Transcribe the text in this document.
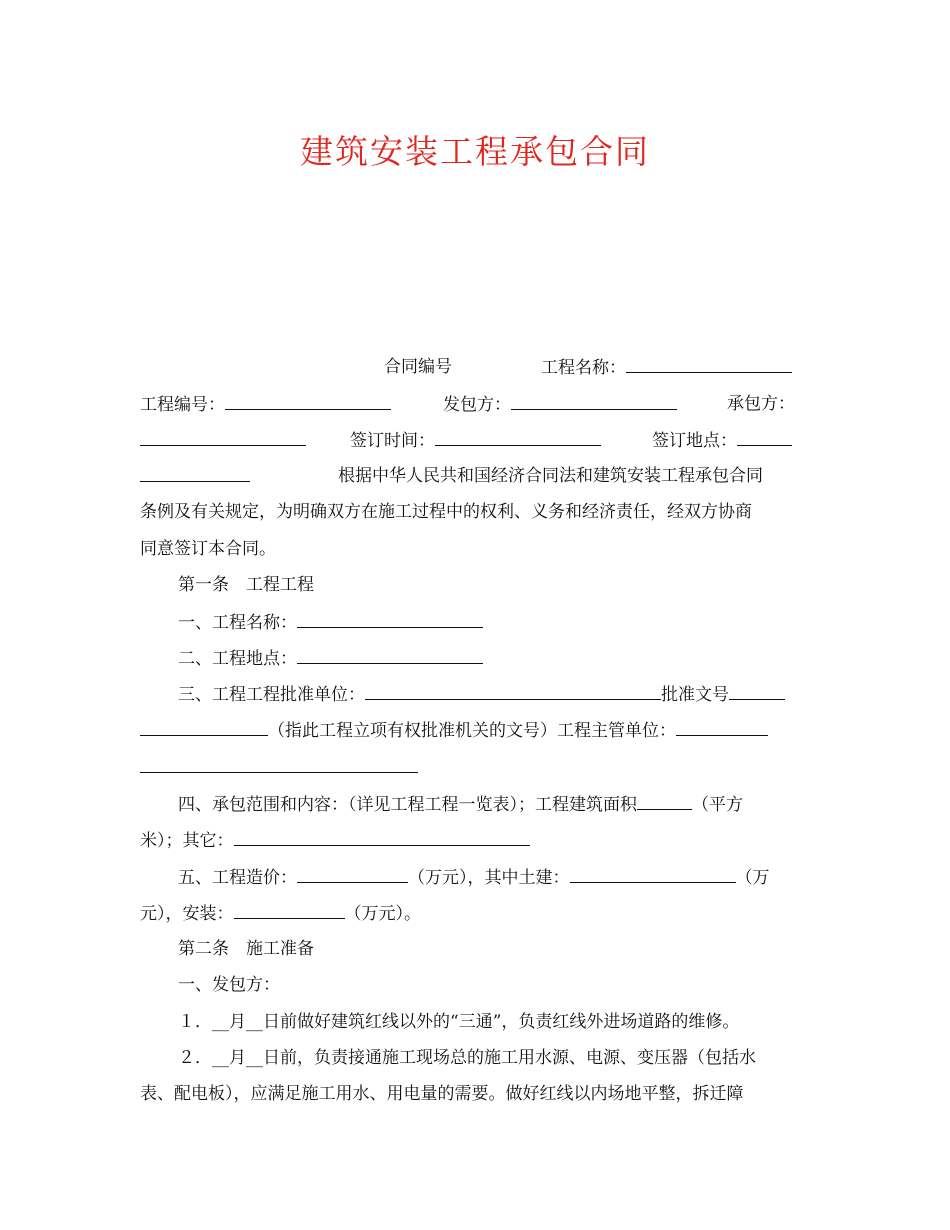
建筑安装工程承包合同
合同编号	工程名称：
工程编号：	发包方：	承包方：
签订时间：	签订地点：
根据中华人民共和国经济合同法和建筑安装工程承包合同
条例及有关规定，为明确双方在施工过程中的权利、义务和经济责任，经双方协商
同意签订本合同。
第一条　工程工程
一、工程名称：
二、工程地点：
三、工程工程批准单位：	批准文号
（指此工程立项有权批准机关的文号）工程主管单位：
四、承包范围和内容：（详见工程工程一览表）；工程建筑面积	（平方
米）；其它：
五、工程造价：	（万元），其中土建：	（万
元），安装：	（万元）。
第二条　施工准备
一、发包方：
１．__月__日前做好建筑红线以外的“三通”，负责红线外进场道路的维修。
２．__月__日前，负责接通施工现场总的施工用水源、电源、变压器（包括水
表、配电板），应满足施工用水、用电量的需要。做好红线以内场地平整，拆迁障
